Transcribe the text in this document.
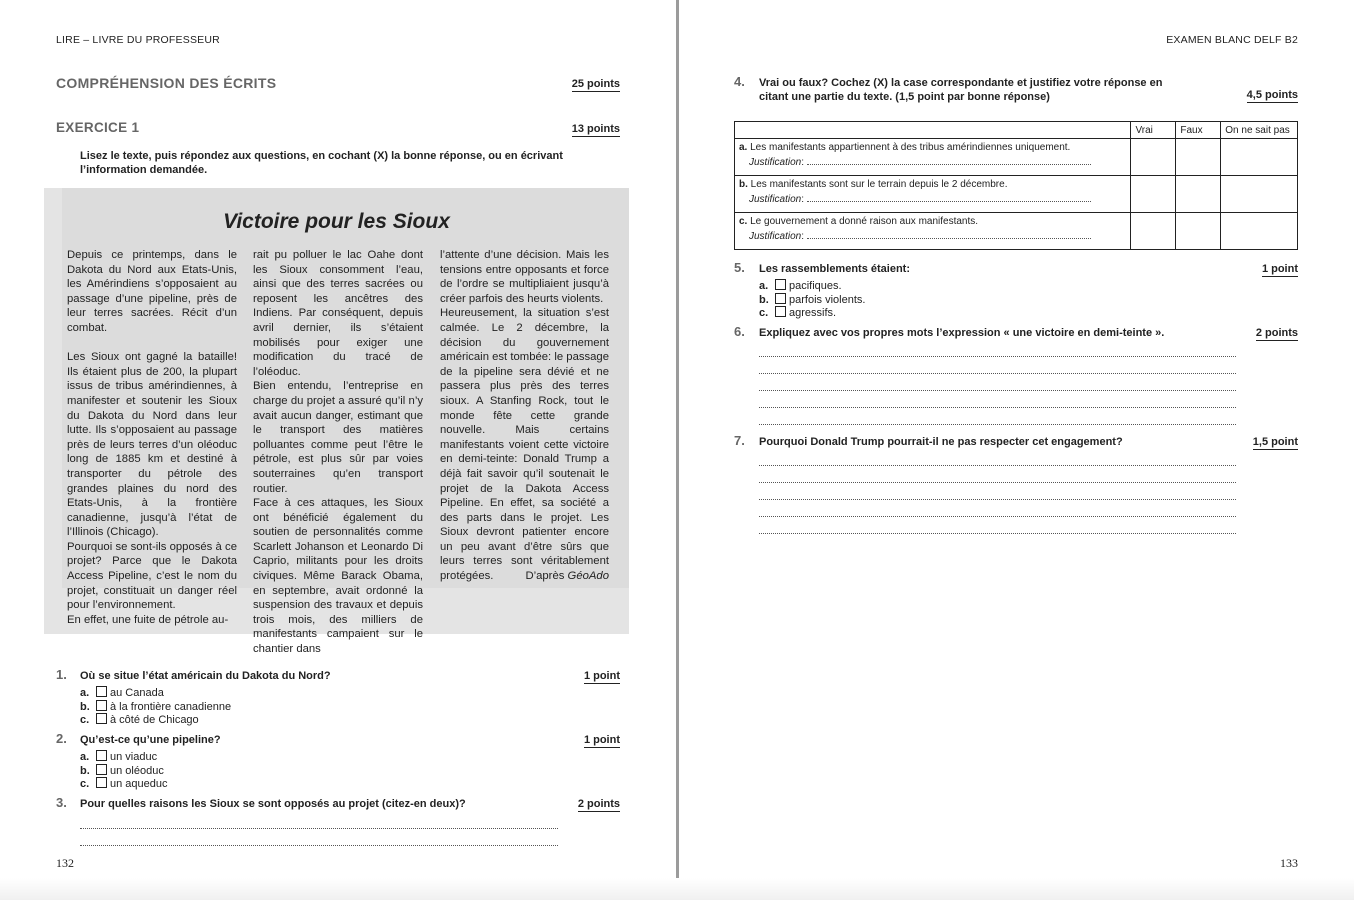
LIRE – LIVRE DU PROFESSEUR
COMPRÉHENSION DES ÉCRITS	25 points
EXERCICE 1	13 points
Lisez le texte, puis répondez aux questions, en cochant (X) la bonne réponse, ou en écrivant l’information demandée.
Victoire pour les Sioux
Depuis ce printemps, dans le Dakota du Nord aux Etats-Unis, les Amérindiens s’opposaient au passage d’une pipeline, près de leur terres sacrées. Récit d’un combat.

Les Sioux ont gagné la bataille! Ils étaient plus de 200, la plupart issus de tribus amérindiennes, à manifester et soutenir les Sioux du Dakota du Nord dans leur lutte. Ils s’opposaient au passage près de leurs terres d’un oléoduc long de 1885 km et destiné à transporter du pétrole des grandes plaines du nord des Etats-Unis, à la frontière canadienne, jusqu’à l’état de l’Illinois (Chicago).
Pourquoi se sont-ils opposés à ce projet? Parce que le Dakota Access Pipeline, c’est le nom du projet, constituait un danger réel pour l’environnement.
En effet, une fuite de pétrole au-
rait pu polluer le lac Oahe dont les Sioux consomment l’eau, ainsi que des terres sacrées ou reposent les ancêtres des Indiens. Par conséquent, depuis avril dernier, ils s’étaient mobilisés pour exiger une modification du tracé de l’oléoduc.
Bien entendu, l’entreprise en charge du projet a assuré qu’il n’y avait aucun danger, estimant que le transport des matières polluantes comme peut l’être le pétrole, est plus sûr par voies souterraines qu’en transport routier.
Face à ces attaques, les Sioux ont bénéficié également du soutien de personnalités comme Scarlett Johanson et Leonardo Di Caprio, militants pour les droits civiques. Même Barack Obama, en septembre, avait ordonné la suspension des travaux et depuis trois mois, des milliers de manifestants campaient sur le chantier dans
l’attente d’une décision. Mais les tensions entre opposants et force de l’ordre se multipliaient jusqu’à créer parfois des heurts violents.
Heureusement, la situation s’est calmée. Le 2 décembre, la décision du gouvernement américain est tombée: le passage de la pipeline sera dévié et ne passera plus près des terres sioux. A Stanfing Rock, tout le monde fête cette grande nouvelle. Mais certains manifestants voient cette victoire en demi-teinte: Donald Trump a déjà fait savoir qu’il soutenait le projet de la Dakota Access Pipeline. En effet, sa société a des parts dans le projet. Les Sioux devront patienter encore un peu avant d’être sûrs que leurs terres sont véritablement protégées.	D’après GéoAdo
1. Où se situe l’état américain du Dakota du Nord?	1 point
a. au Canada
b. à la frontière canadienne
c. à côté de Chicago
2. Qu’est-ce qu’une pipeline?	1 point
a. un viaduc
b. un oléoduc
c. un aqueduc
3. Pour quelles raisons les Sioux se sont opposés au projet (citez-en deux)?	2 points
132
EXAMEN BLANC DELF B2
4. Vrai ou faux? Cochez (X) la case correspondante et justifiez votre réponse en
citant une partie du texte. (1,5 point par bonne réponse)	4,5 points
	Vrai	Faux	On ne sait pas

a. Les manifestants appartiennent à des tribus amérindiennes uniquement.
Justification:			

b. Les manifestants sont sur le terrain depuis le 2 décembre.
Justification:			

c. Le gouvernement a donné raison aux manifestants.
Justification:			

5. Les rassemblements étaient:	1 point
a. pacifiques.
b. parfois violents.
c. agressifs.
6. Expliquez avec vos propres mots l’expression « une victoire en demi-teinte ».	2 points
7. Pourquoi Donald Trump pourrait-il ne pas respecter cet engagement?	1,5 point
133
